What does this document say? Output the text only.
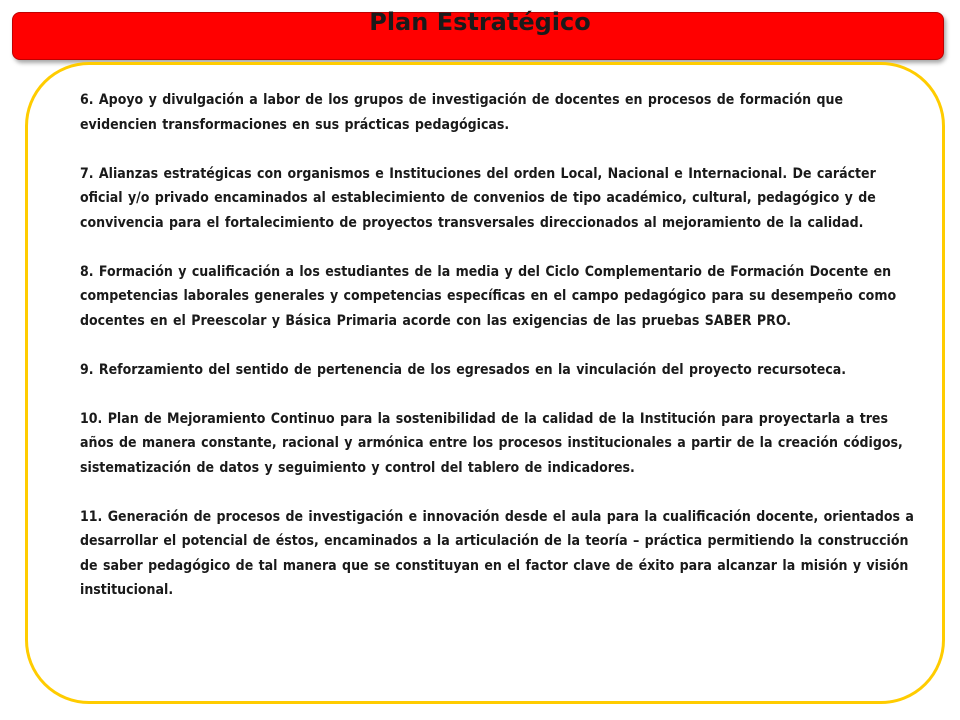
Plan Estratégico

6. Apoyo y divulgación a labor de los grupos de investigación de docentes en procesos de formación que evidencien transformaciones en sus prácticas pedagógicas.

7. Alianzas estratégicas con organismos e Instituciones del orden Local, Nacional e Internacional. De carácter oficial y/o privado encaminados al establecimiento de convenios de tipo académico, cultural, pedagógico y de convivencia para el fortalecimiento de proyectos transversales direccionados al mejoramiento de la calidad.

8. Formación y cualificación a los estudiantes de la media y del Ciclo Complementario de Formación Docente en competencias laborales generales y competencias específicas en el campo pedagógico para su desempeño como docentes en el Preescolar y Básica Primaria acorde con las exigencias de las pruebas SABER PRO.

9. Reforzamiento del sentido de pertenencia de los egresados en la vinculación del proyecto recursoteca.

10. Plan de Mejoramiento Continuo para la sostenibilidad de la calidad de la Institución para proyectarla a tres años de manera constante, racional y armónica entre los procesos institucionales a partir de la creación códigos, sistematización de datos y seguimiento y control del tablero de indicadores.

11. Generación de procesos de investigación e innovación desde el aula para la cualificación docente, orientados a desarrollar el potencial de éstos, encaminados a la articulación de la teoría – práctica permitiendo la construcción de saber pedagógico de tal manera que se constituyan en el factor clave de éxito para alcanzar la misión y visión institucional.
